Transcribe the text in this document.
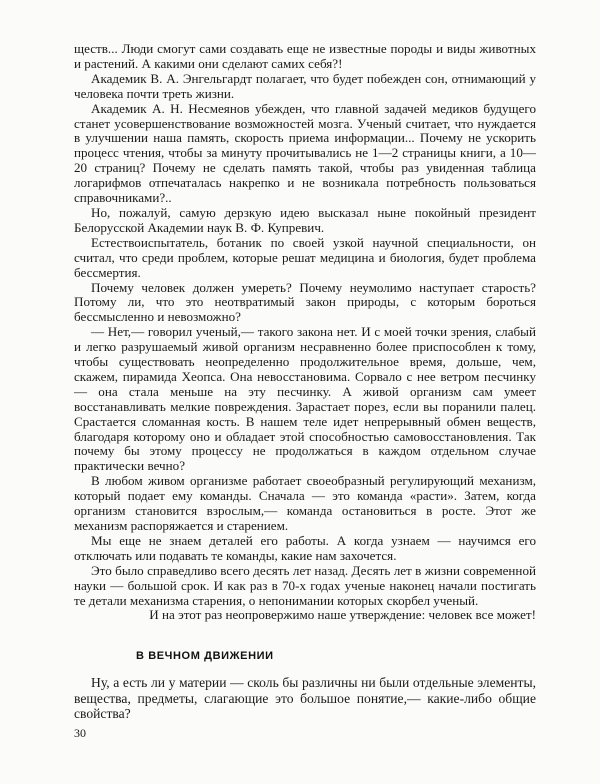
ществ... Люди смогут сами создавать еще не известные породы и виды животных и растений. А какими они сделают самих себя?!

Академик В. А. Энгельгардт полагает, что будет побежден сон, отнимающий у человека почти треть жизни.

Академик А. Н. Несмеянов убежден, что главной задачей медиков будущего станет усовершенствование возможностей мозга. Ученый считает, что нуждается в улучшении наша память, скорость приема информации... Почему не ускорить процесс чтения, чтобы за минуту прочитывались не 1—2 страницы книги, а 10—20 страниц? Почему не сделать память такой, чтобы раз увиденная таблица логарифмов отпечаталась накрепко и не возникала потребность пользоваться справочниками?..

Но, пожалуй, самую дерзкую идею высказал ныне покойный президент Белорусской Академии наук В. Ф. Купревич.

Естествоиспытатель, ботаник по своей узкой научной специальности, он считал, что среди проблем, которые решат медицина и биология, будет проблема бессмертия.

Почему человек должен умереть? Почему неумолимо наступает старость? Потому ли, что это неотвратимый закон природы, с которым бороться бессмысленно и невозможно?

— Нет,— говорил ученый,— такого закона нет. И с моей точки зрения, слабый и легко разрушаемый живой организм несравненно более приспособлен к тому, чтобы существовать неопределенно продолжительное время, дольше, чем, скажем, пирамида Хеопса. Она невосстановима. Сорвало с нее ветром песчинку — она стала меньше на эту песчинку. А живой организм сам умеет восстанавливать мелкие повреждения. Зарастает порез, если вы поранили палец. Срастается сломанная кость. В нашем теле идет непрерывный обмен веществ, благодаря которому оно и обладает этой способностью самовосстановления. Так почему бы этому процессу не продолжаться в каждом отдельном случае практически вечно?

В любом живом организме работает своеобразный регулирующий механизм, который подает ему команды. Сначала — это команда «расти». Затем, когда организм становится взрослым,— команда остановиться в росте. Этот же механизм распоряжается и старением.

Мы еще не знаем деталей его работы. А когда узнаем — научимся его отключать или подавать те команды, какие нам захочется.

Это было справедливо всего десять лет назад. Десять лет в жизни современной науки — большой срок. И как раз в 70-х годах ученые наконец начали постигать те детали механизма старения, о непонимании которых скорбел ученый.

И на этот раз неопровержимо наше утверждение: человек все может!

В ВЕЧНОМ ДВИЖЕНИИ

Ну, а есть ли у материи — сколь бы различны ни были отдельные элементы, вещества, предметы, слагающие это большое понятие,— какие-либо общие свойства?

30
